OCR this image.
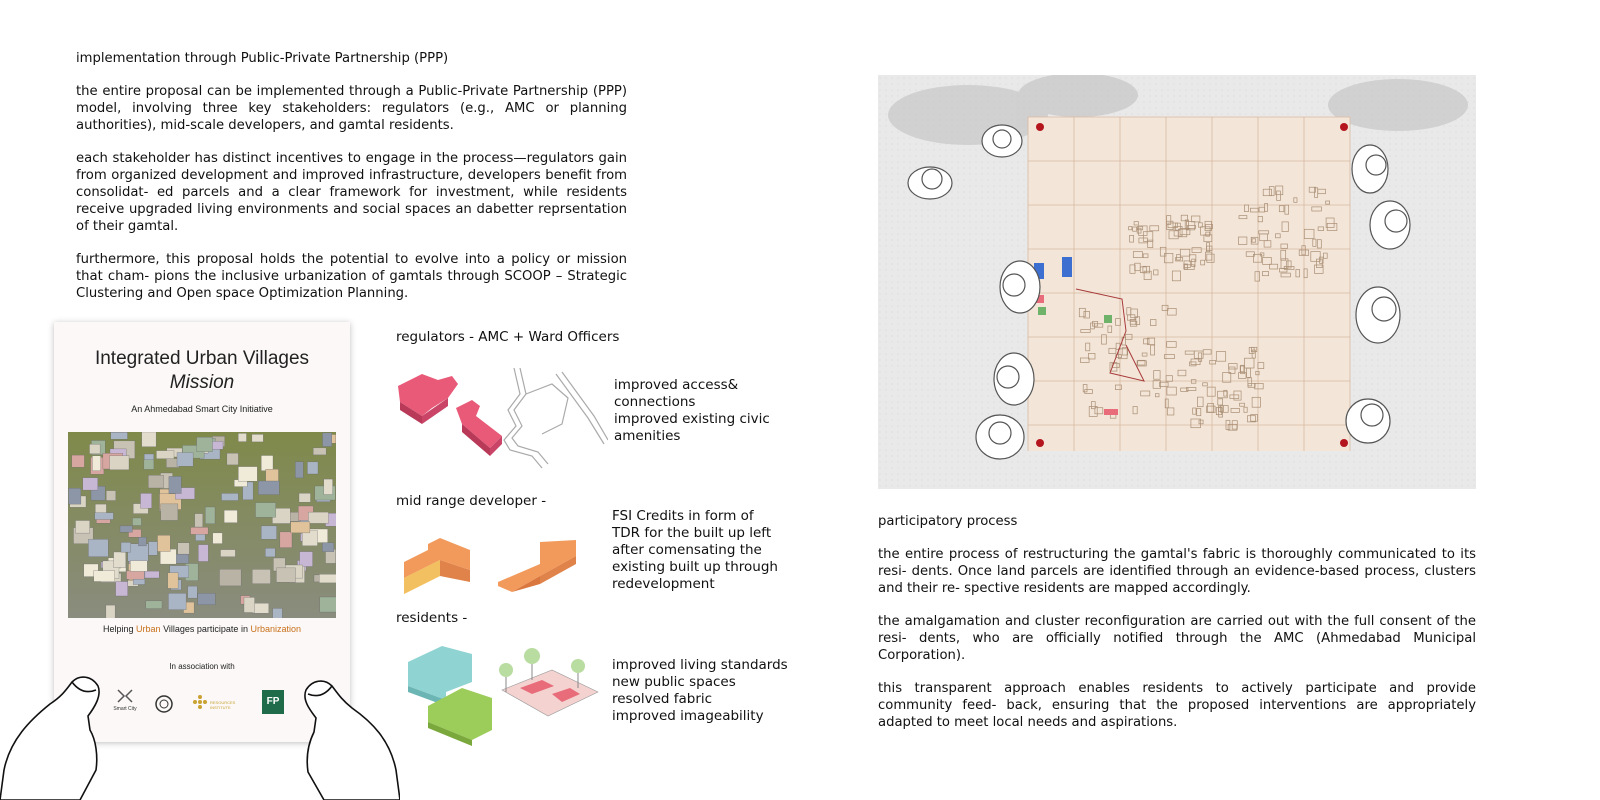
implementation through Public-Private Partnership (PPP)

the entire proposal can be implemented through a Public-Private Partnership (PPP) model, involving three key stakeholders: regulators (e.g., AMC or planning authorities), mid-scale developers, and gamtal residents.

each stakeholder has distinct incentives to engage in the process—regulators gain from organized development and improved infrastructure, developers benefit from consolidat- ed parcels and a clear framework for investment, while residents receive upgraded living environments and social spaces an dabetter reprsentation of their gamtal.

furthermore, this proposal holds the potential to evolve into a policy or mission that cham- pions the inclusive urbanization of gamtals through SCOOP – Strategic Clustering and Open space Optimization Planning.

Integrated Urban Villages
Mission
An Ahmedabad Smart City Initiative
Helping Urban Villages participate in Urbanization
In association with
Smart City
RESOURCES INSTITUTE
FP
regulators - AMC + Ward Officers
improved access&
connections
improved existing civic
amenities
mid range developer -
FSI Credits in form of
TDR for the built up left
after comensating the
existing built up through
redevelopment
residents -
improved living standards
new public spaces
resolved fabric
improved imageability
participatory process

the entire process of restructuring the gamtal's fabric is thoroughly communicated to its resi- dents. Once land parcels are identified through an evidence-based process, clusters and their re- spective residents are mapped accordingly.

the amalgamation and cluster reconfiguration are carried out with the full consent of the resi- dents, who are officially notified through the AMC (Ahmedabad Municipal Corporation).

this transparent approach enables residents to actively participate and provide community feed- back, ensuring that the proposed interventions are appropriately adapted to meet local needs and aspirations.
